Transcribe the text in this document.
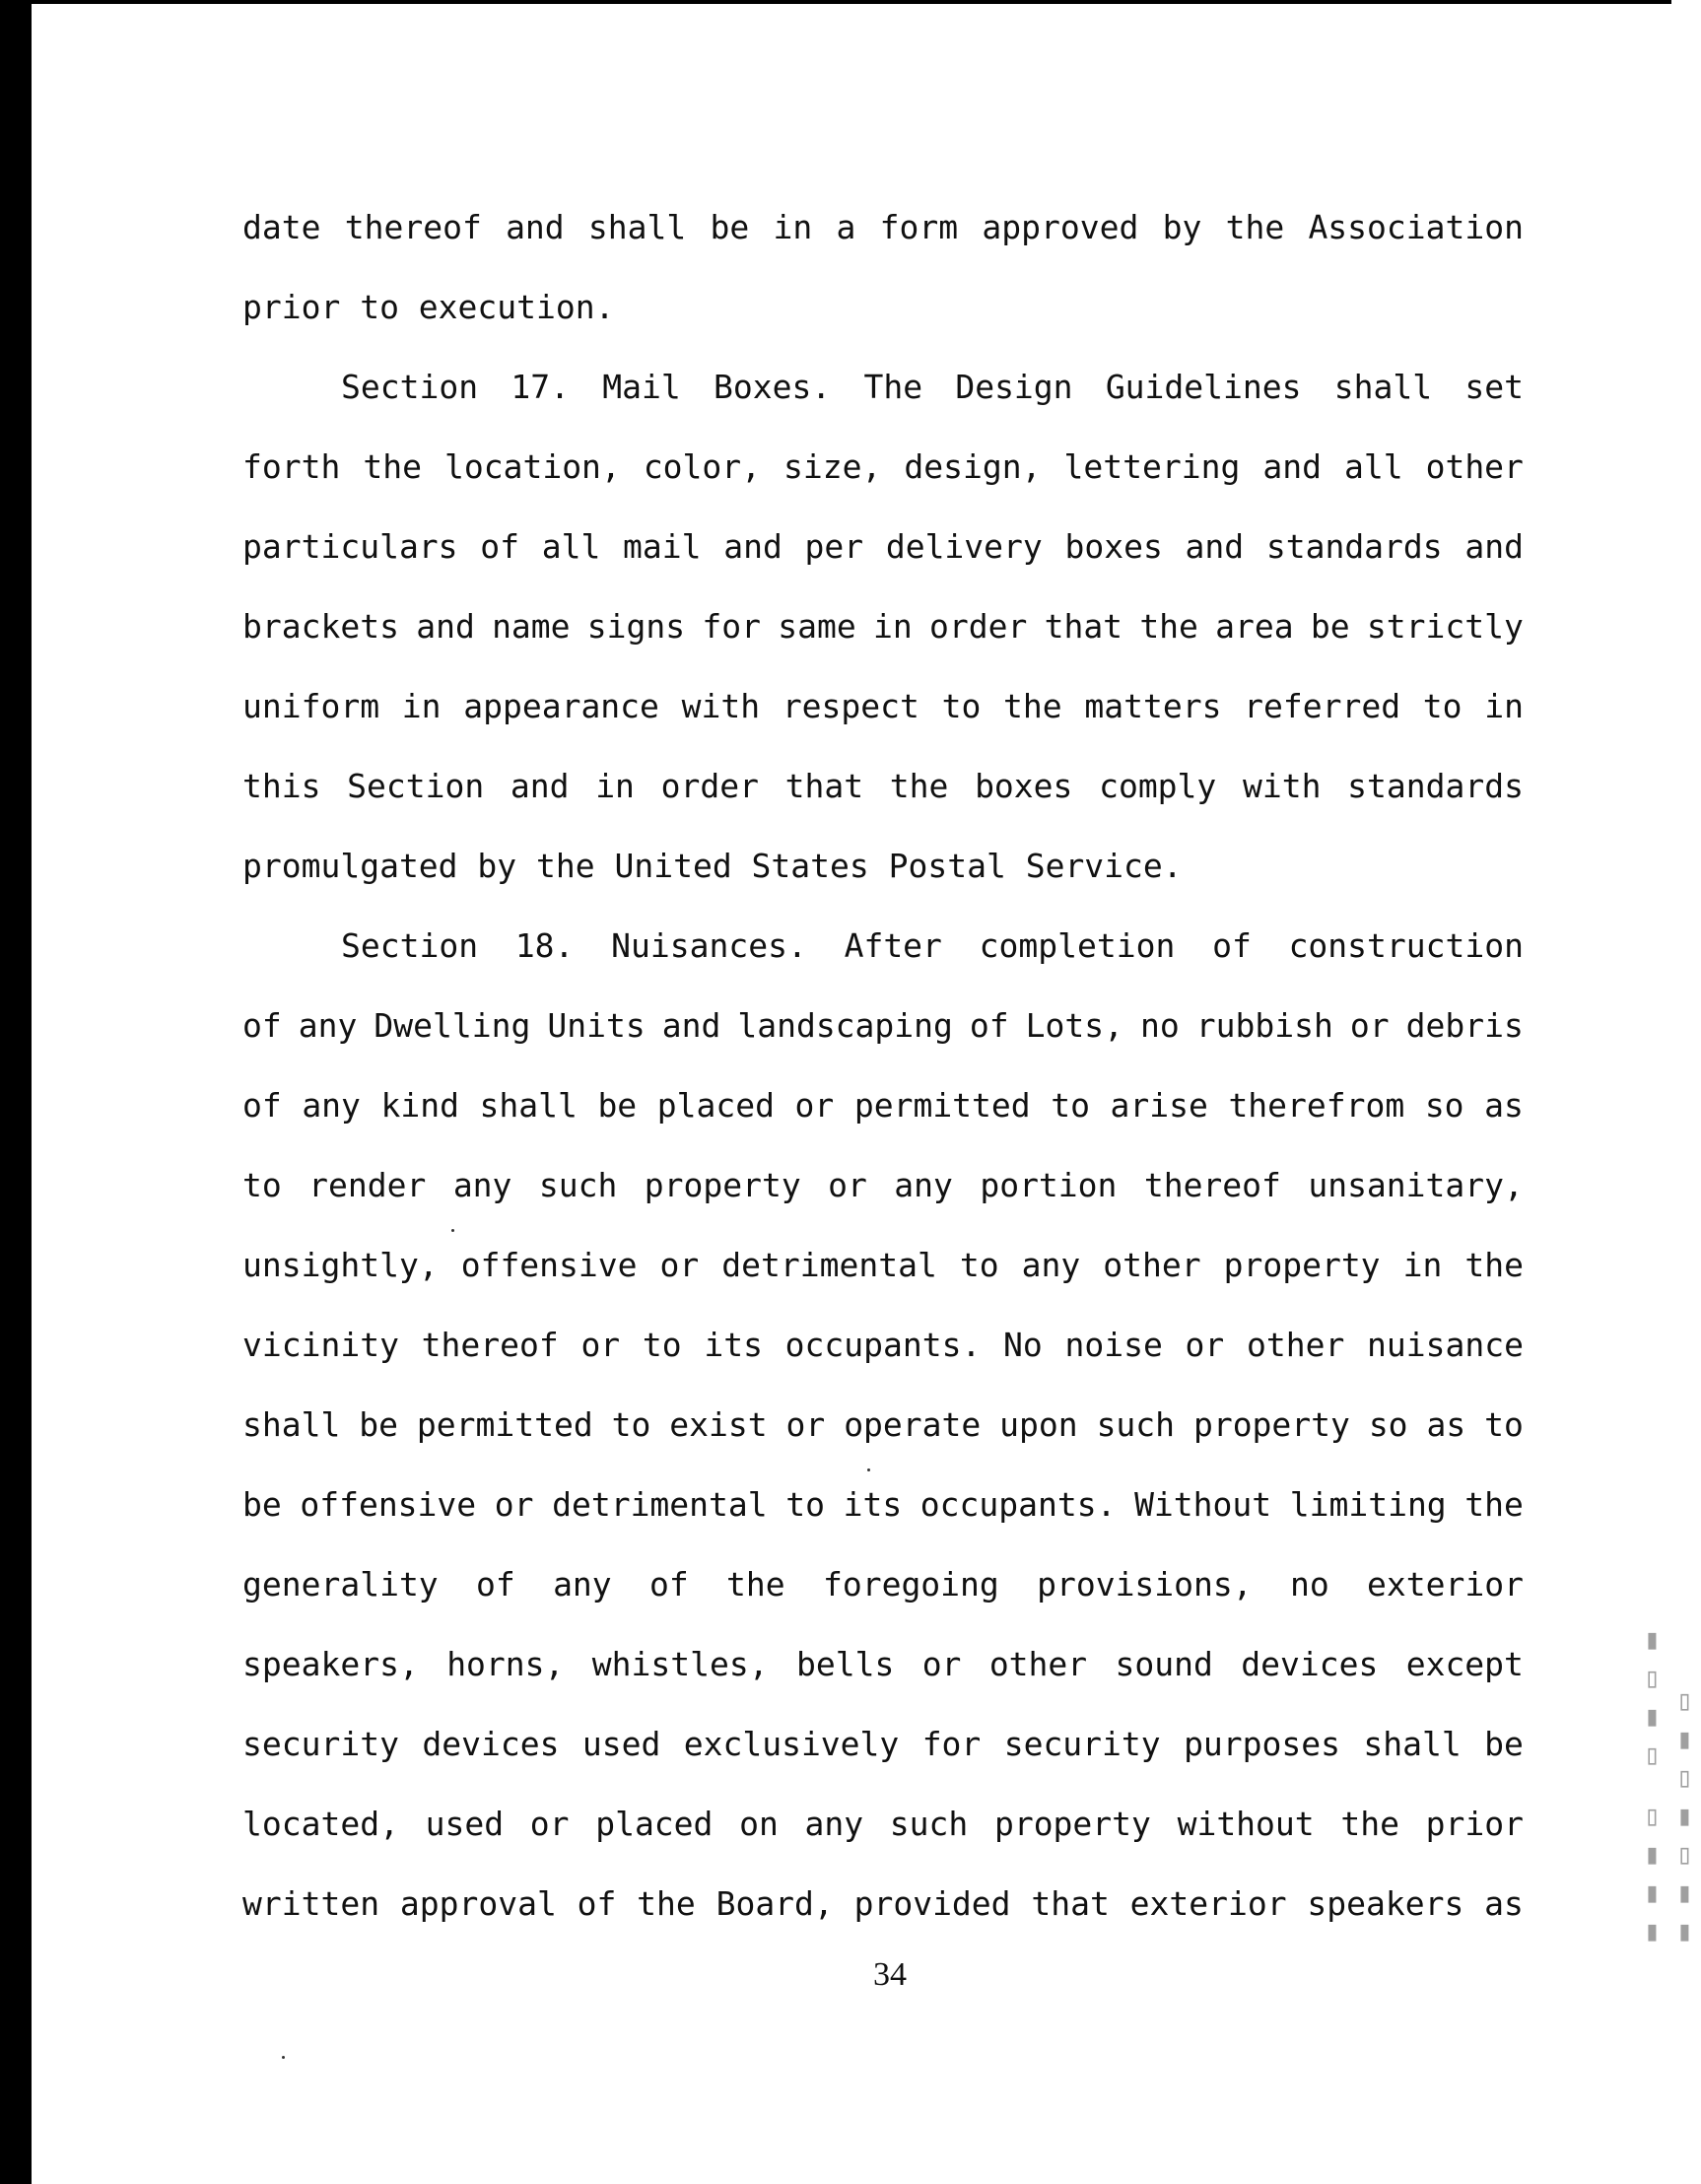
date thereof and shall be in a form approved by the Association
prior to execution.
Section 17. Mail Boxes. The Design Guidelines shall set
forth the location, color, size, design, lettering and all other
particulars of all mail and per delivery boxes and standards and
brackets and name signs for same in order that the area be strictly
uniform in appearance with respect to the matters referred to in
this Section and in order that the boxes comply with standards
promulgated by the United States Postal Service.
Section 18. Nuisances. After completion of construction
of any Dwelling Units and landscaping of Lots, no rubbish or debris
of any kind shall be placed or permitted to arise therefrom so as
to render any such property or any portion thereof unsanitary,
unsightly, offensive or detrimental to any other property in the
vicinity thereof or to its occupants. No noise or other nuisance
shall be permitted to exist or operate upon such property so as to
be offensive or detrimental to its occupants. Without limiting the
generality of any of the foregoing provisions, no exterior
speakers, horns, whistles, bells or other sound devices except
security devices used exclusively for security purposes shall be
located, used or placed on any such property without the prior
written approval of the Board, provided that exterior speakers as
34
▮▮▮▯ ▯▮▯▮ ▮▮▯▮▯▮▯
